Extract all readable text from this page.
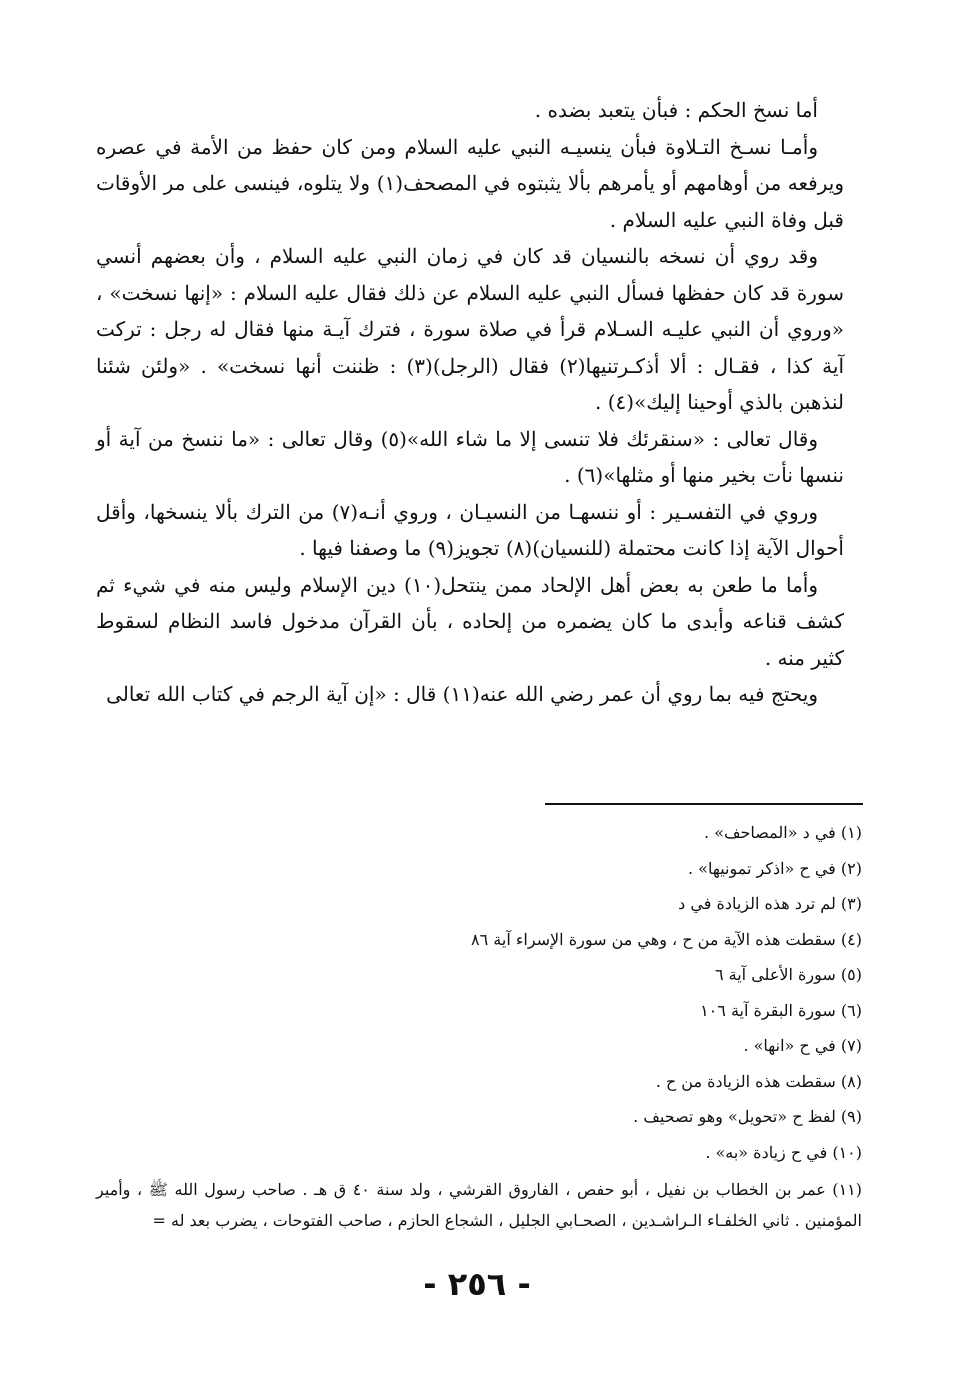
أما نسخ الحكم : فبأن يتعبد بضده .

وأمـا نسـخ التـلاوة فبأن ينسيـه النبي عليه السلام ومن كان حفظ من الأمة في عصره ويرفعه من أوهامهم أو يأمرهم بألا يثبتوه في المصحف(١) ولا يتلوه، فينسى على مر الأوقات قبل وفاة النبي عليه السلام .

وقد روي أن نسخه بالنسيان قد كان في زمان النبي عليه السلام ، وأن بعضهم أنسي سورة قد كان حفظها فسأل النبي عليه السلام عن ذلك فقال عليه السلام : «إنها نسخت» ، «وروي أن النبي عليـه السـلام قرأ في صلاة سورة ، فترك آيـة منها فقال له رجل : تركت آية كذا ، فقـال : ألا أذكـرتنيها(٢) فقال (الرجل)(٣) : ظننت أنها نسخت» . «ولئن شئنا لنذهبن بالذي أوحينا إليك»(٤) .

وقال تعالى : «سنقرئك فلا تنسى إلا ما شاء الله»(٥) وقال تعالى : «ما ننسخ من آية أو ننسها نأت بخير منها أو مثلها»(٦) .

وروي في التفسـير : أو ننسهـا من النسيـان ، وروي أنـه(٧) من الترك بألا ينسخها، وأقل أحوال الآية إذا كانت محتملة (للنسيان)(٨) تجويز(٩) ما وصفنا فيها .

وأما ما طعن به بعض أهل الإلحاد ممن ينتحل(١٠) دين الإسلام وليس منه في شيء ثم كشف قناعه وأبدى ما كان يضمره من إلحاده ، بأن القرآن مدخول فاسد النظام لسقوط كثير منه .

ويحتج فيه بما روي أن عمر رضي الله عنه(١١) قال : «إن آية الرجم في كتاب الله تعالى

(١) في د «المصاحف» .

(٢) في ح «اذكر تمونيها» .

(٣) لم ترد هذه الزيادة في د

(٤) سقطت هذه الآية من ح ، وهي من سورة الإسراء آية ٨٦

(٥) سورة الأعلى آية ٦

(٦) سورة البقرة آية ١٠٦

(٧) في ح «انها» .

(٨) سقطت هذه الزيادة من ح .

(٩) لفظ ح «تحويل» وهو تصحيف .

(١٠) في ح زيادة «به» .

(١١) عمر بن الخطاب بن نفيل ، أبو حفص ، الفاروق القرشي ، ولد سنة ٤٠ ق هـ . صاحب رسول الله ﷺ ، وأمير المؤمنين . ثاني الخلفـاء الـراشـدين ، الصحـابي الجليل ، الشجاع الحازم ، صاحب الفتوحات ، يضرب بعد له =

- ٢٥٦ -
